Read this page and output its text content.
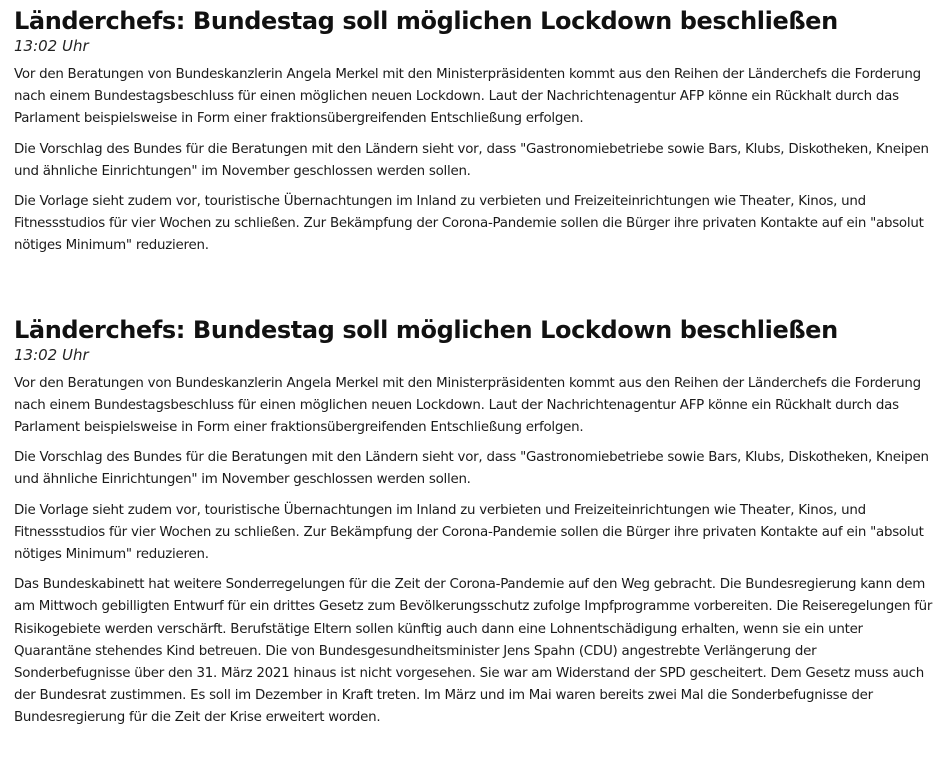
Länderchefs: Bundestag soll möglichen Lockdown beschließen
13:02 Uhr

Vor den Beratungen von Bundeskanzlerin Angela Merkel mit den Ministerpräsidenten kommt aus den Reihen der Länderchefs die Forderung nach einem Bundestagsbeschluss für einen möglichen neuen Lockdown. Laut der Nachrichtenagentur AFP könne ein Rückhalt durch das Parlament beispielsweise in Form einer fraktionsübergreifenden Entschließung erfolgen.

Die Vorschlag des Bundes für die Beratungen mit den Ländern sieht vor, dass "Gastronomiebetriebe sowie Bars, Klubs, Diskotheken, Kneipen und ähnliche Einrichtungen" im November geschlossen werden sollen.

Die Vorlage sieht zudem vor, touristische Übernachtungen im Inland zu verbieten und Freizeiteinrichtungen wie Theater, Kinos, und Fitnessstudios für vier Wochen zu schließen. Zur Bekämpfung der Corona-Pandemie sollen die Bürger ihre privaten Kontakte auf ein "absolut nötiges Minimum" reduzieren.

Länderchefs: Bundestag soll möglichen Lockdown beschließen
13:02 Uhr

Vor den Beratungen von Bundeskanzlerin Angela Merkel mit den Ministerpräsidenten kommt aus den Reihen der Länderchefs die Forderung nach einem Bundestagsbeschluss für einen möglichen neuen Lockdown. Laut der Nachrichtenagentur AFP könne ein Rückhalt durch das Parlament beispielsweise in Form einer fraktionsübergreifenden Entschließung erfolgen.

Die Vorschlag des Bundes für die Beratungen mit den Ländern sieht vor, dass "Gastronomiebetriebe sowie Bars, Klubs, Diskotheken, Kneipen und ähnliche Einrichtungen" im November geschlossen werden sollen.

Die Vorlage sieht zudem vor, touristische Übernachtungen im Inland zu verbieten und Freizeiteinrichtungen wie Theater, Kinos, und Fitnessstudios für vier Wochen zu schließen. Zur Bekämpfung der Corona-Pandemie sollen die Bürger ihre privaten Kontakte auf ein "absolut nötiges Minimum" reduzieren.

Das Bundeskabinett hat weitere Sonderregelungen für die Zeit der Corona-Pandemie auf den Weg gebracht. Die Bundesregierung kann dem am Mittwoch gebilligten Entwurf für ein drittes Gesetz zum Bevölkerungsschutz zufolge Impfprogramme vorbereiten. Die Reiseregelungen für Risikogebiete werden verschärft. Berufstätige Eltern sollen künftig auch dann eine Lohnentschädigung erhalten, wenn sie ein unter Quarantäne stehendes Kind betreuen. Die von Bundesgesundheitsminister Jens Spahn (CDU) angestrebte Verlängerung der Sonderbefugnisse über den 31. März 2021 hinaus ist nicht vorgesehen. Sie war am Widerstand der SPD gescheitert. Dem Gesetz muss auch der Bundesrat zustimmen. Es soll im Dezember in Kraft treten. Im März und im Mai waren bereits zwei Mal die Sonderbefugnisse der Bundesregierung für die Zeit der Krise erweitert worden.
